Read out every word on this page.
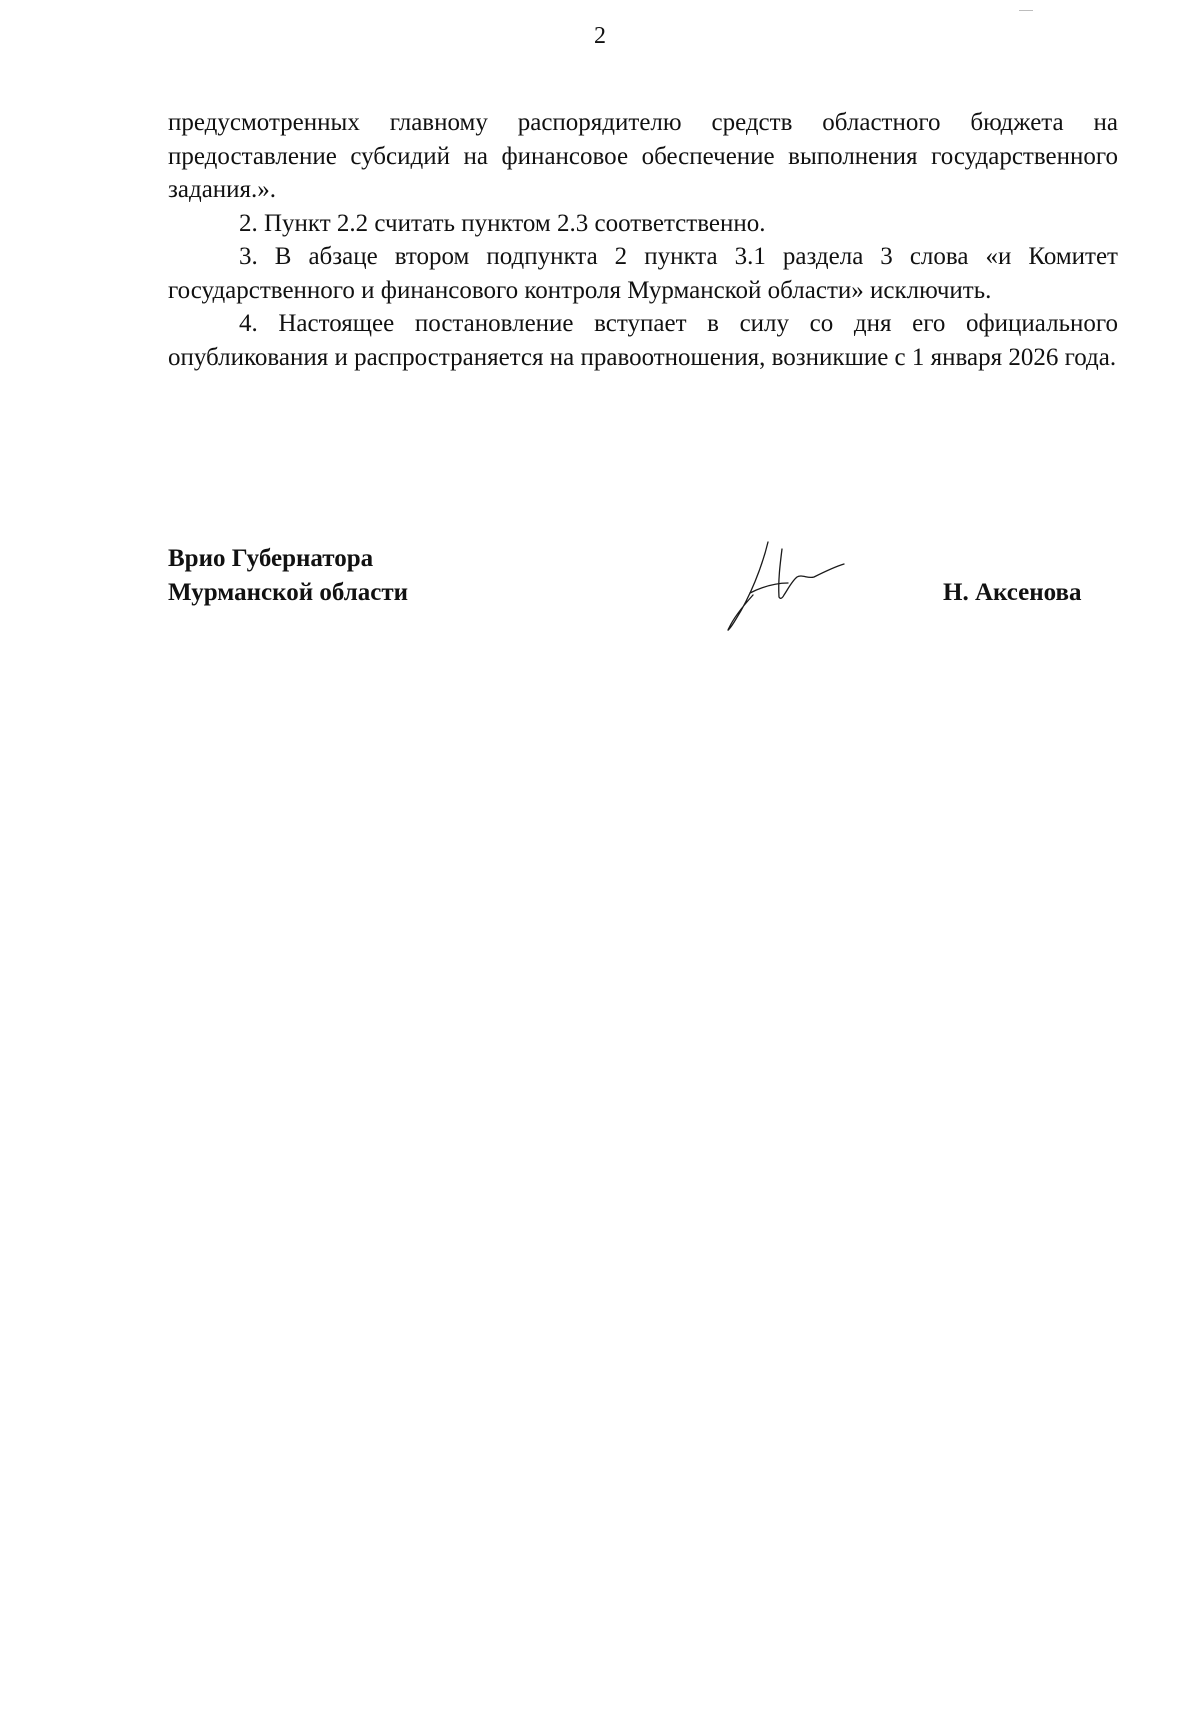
2

предусмотренных главному распорядителю средств областного бюджета на предоставление субсидий на финансовое обеспечение выполнения государственного задания.».

2. Пункт 2.2 считать пунктом 2.3 соответственно.

3. В абзаце втором подпункта 2 пункта 3.1 раздела 3 слова «и Комитет государственного и финансового контроля Мурманской области» исключить.

4. Настоящее постановление вступает в силу со дня его официального опубликования и распространяется на правоотношения, возникшие с 1 января 2026 года.

Врио Губернатора
Мурманской области	Н. Аксенова
